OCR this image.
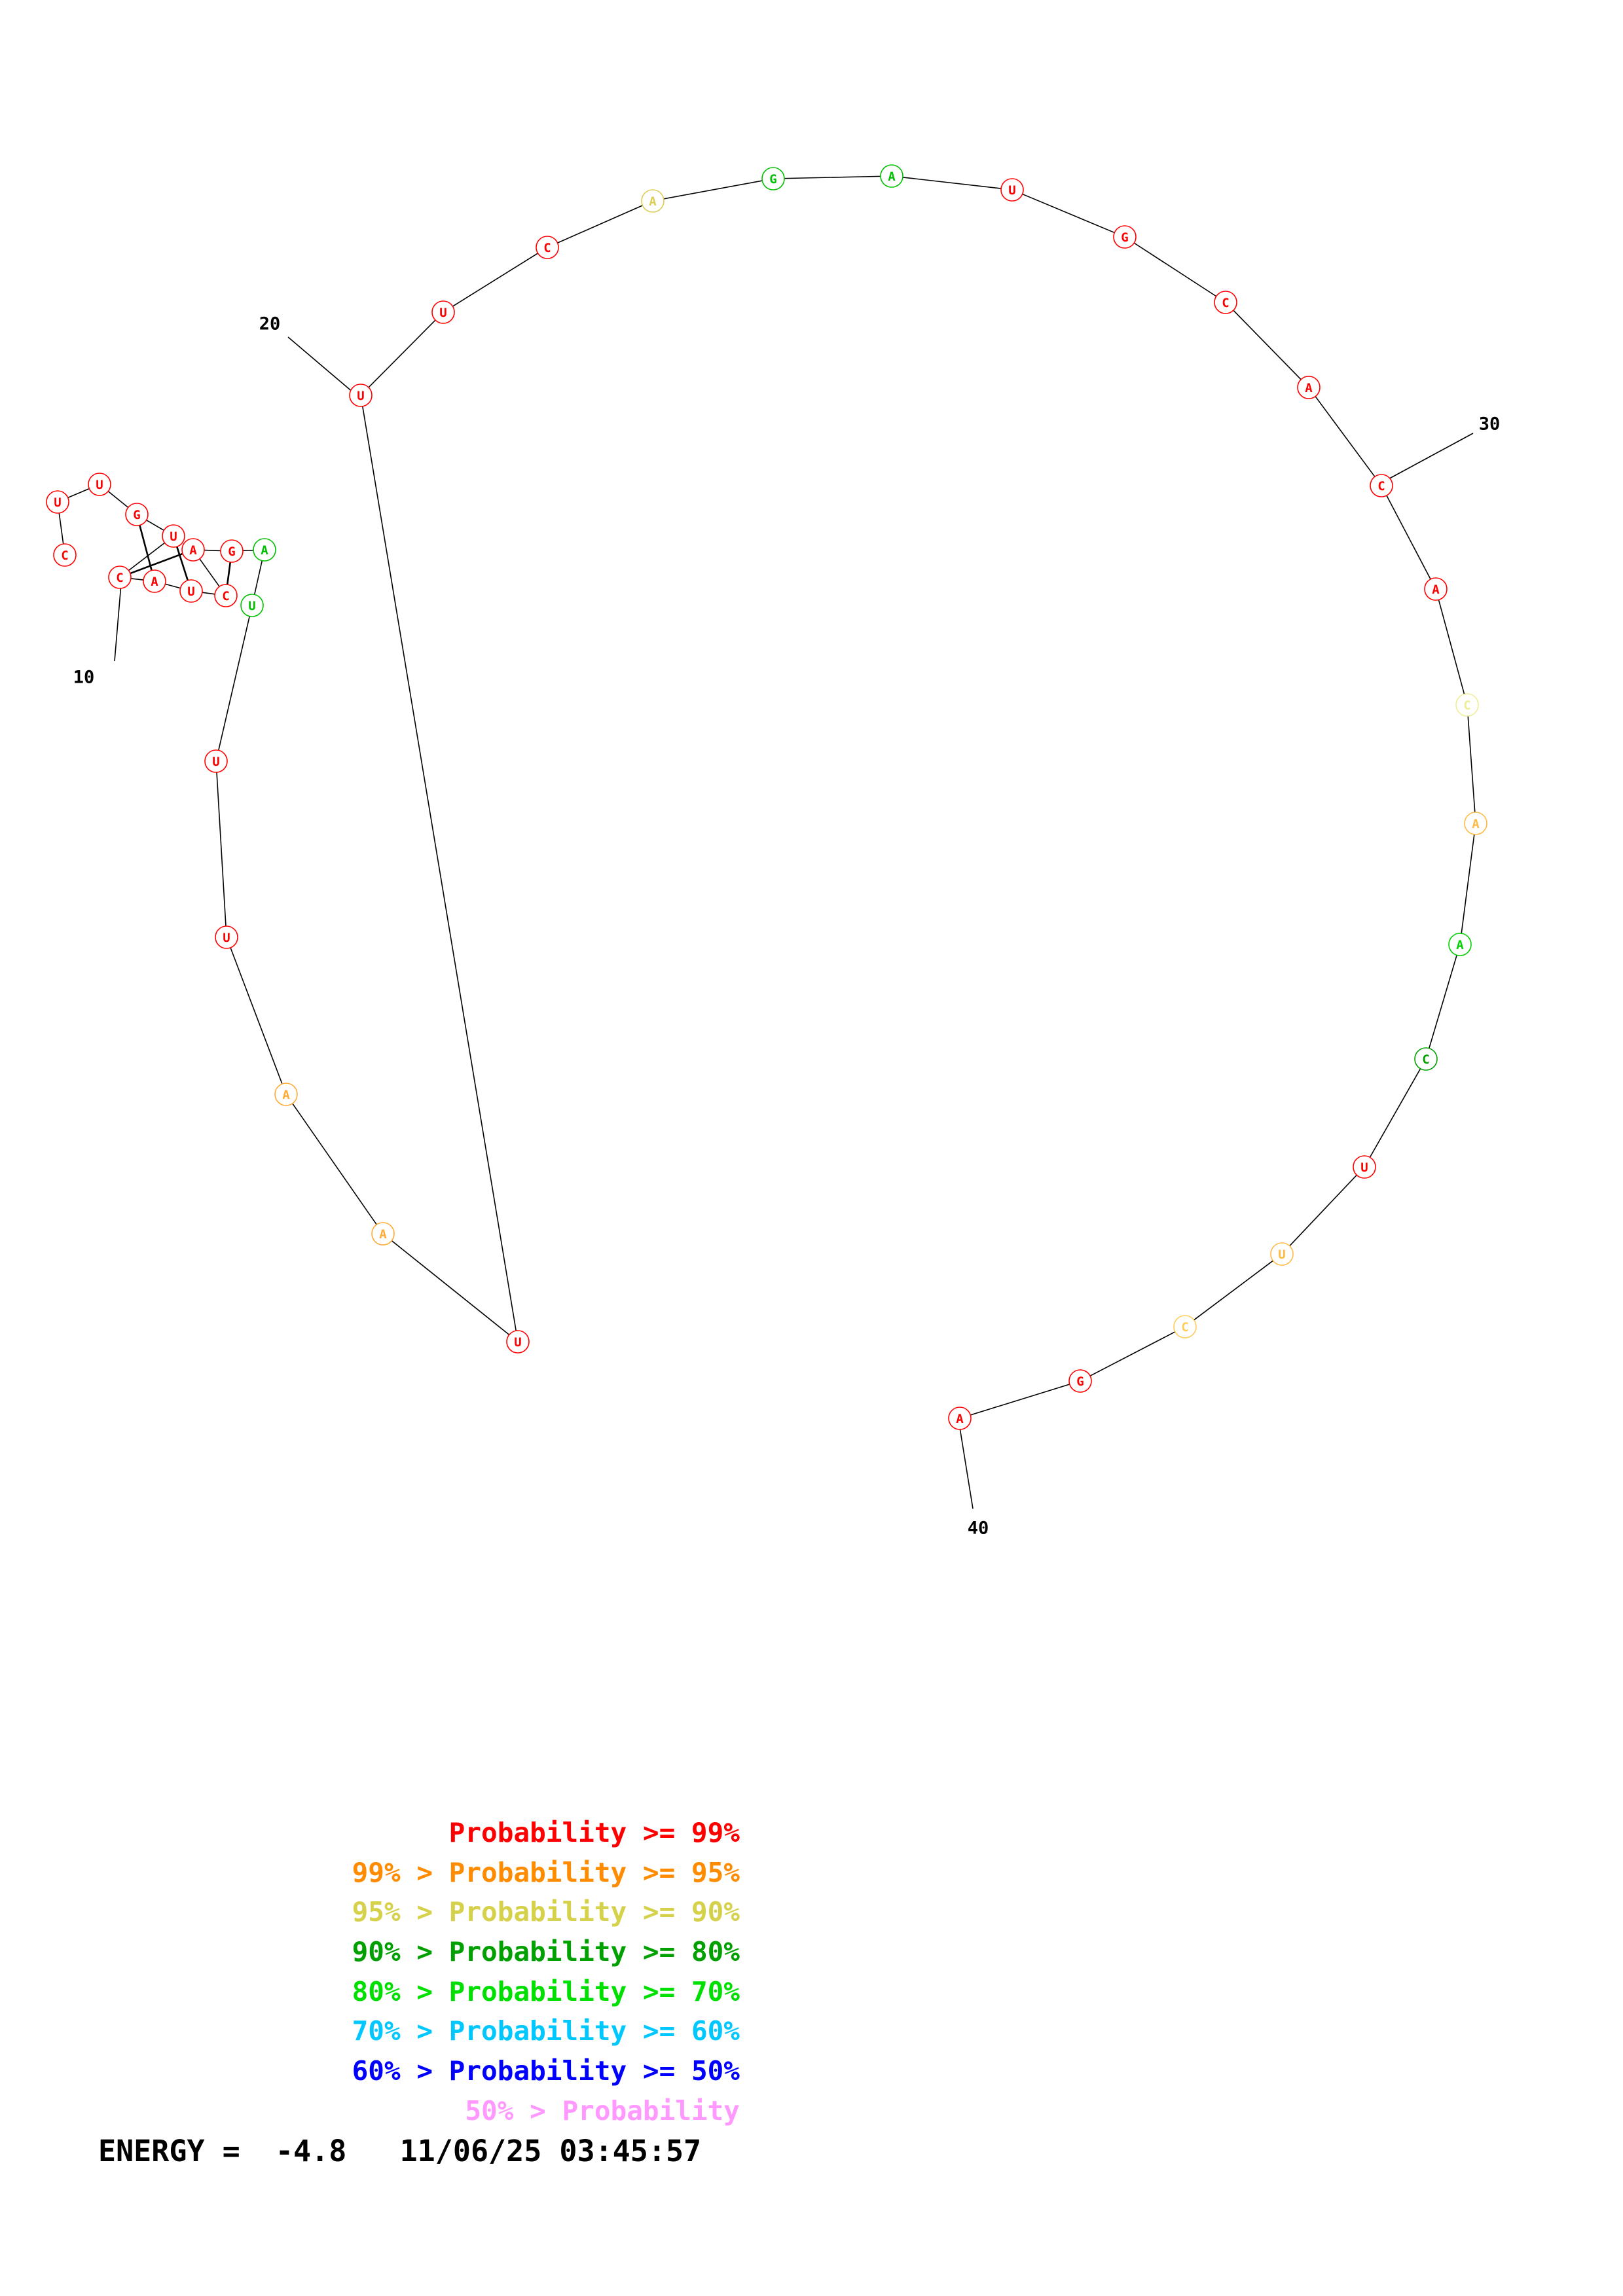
C
U
U
G
U
C A
U C
A	G A
U
U
U
A
A
U
U
U
C
A
G	A
U
G
C
A
C
A
C
A
A
C
U
U
C
G
A
10
20
30
40
Probability >= 99%
99% > Probability >= 95%
95% > Probability >= 90%
90% > Probability >= 80%
80% > Probability >= 70%
70% > Probability >= 60%
60% > Probability >= 50%
50% > Probability
ENERGY =  -4.8   11/06/25 03:45:57
